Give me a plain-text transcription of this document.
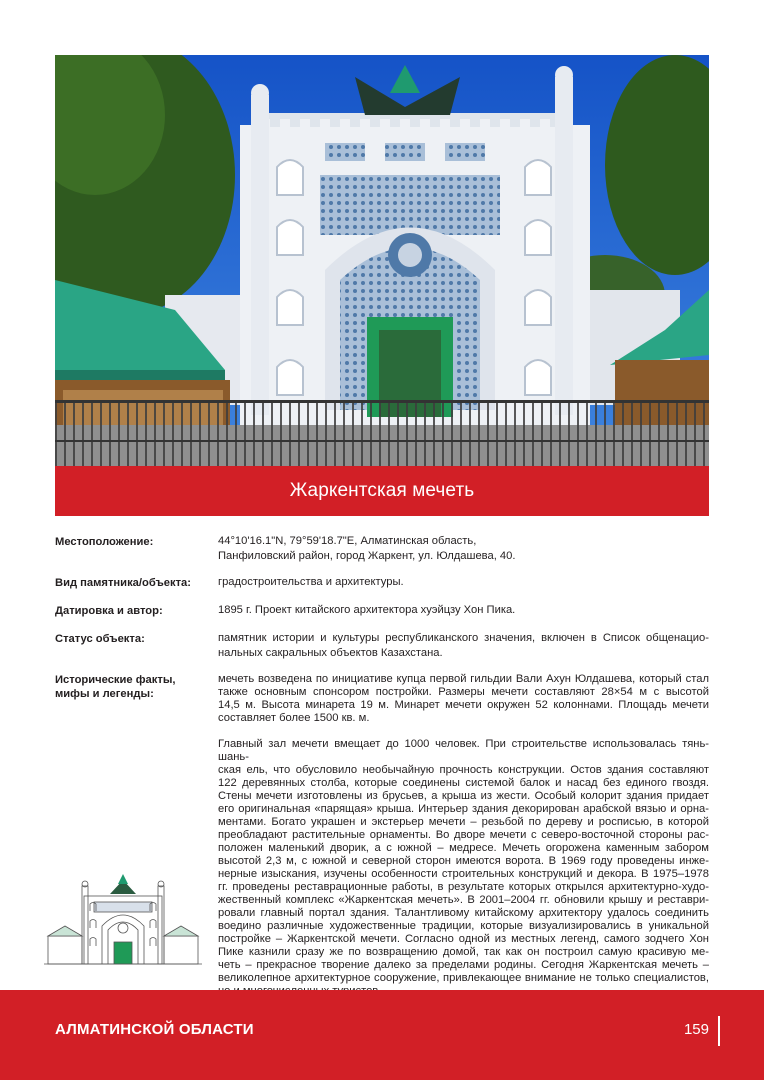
Жаркентская мечеть
Местоположение:	44°10'16.1"N, 79°59'18.7"E, Алматинская область,
Панфиловский район, город Жаркент, ул. Юлдашева, 40.
Вид памятника/объекта:	градостроительства и архитектуры.
Датировка и автор:	1895 г. Проект китайского архитектора хуэйцзу Хон Пика.
Статус объекта:	памятник истории и культуры республиканского значения, включен в Список общенацио-
нальных сакральных объектов Казахстана.
Исторические факты,
мифы и легенды:
мечеть возведена по инициативе купца первой гильдии Вали Ахун Юлдашева, который стал
также основным спонсором постройки. Размеры мечети составляют 28×54 м с высотой
14,5 м. Высота минарета 19 м. Минарет мечети окружен 52 колоннами. Площадь мечети
составляет более 1500 кв. м.
Главный зал мечети вмещает до 1000 человек. При строительстве использовалась тянь-шань-
ская ель, что обусловило необычайную прочность конструкции. Остов здания составляют
122 деревянных столба, которые соединены системой балок и насад без единого гвоздя.
Стены мечети изготовлены из брусьев, а крыша из жести. Особый колорит здания придает
его оригинальная «парящая» крыша. Интерьер здания декорирован арабской вязью и орна-
ментами. Богато украшен и экстерьер мечети – резьбой по дереву и росписью, в которой
преобладают растительные орнаменты. Во дворе мечети с северо-восточной стороны рас-
положен маленький дворик, а с южной – медресе. Мечеть огорожена каменным забором
высотой 2,3 м, с южной и северной сторон имеются ворота. В 1969 году проведены инже-
нерные изыскания, изучены особенности строительных конструкций и декора. В 1975–1978
гг. проведены реставрационные работы, в результате которых открылся архитектурно-худо-
жественный комплекс «Жаркентская мечеть». В 2001–2004 гг. обновили крышу и реставри-
ровали главный портал здания. Талантливому китайскому архитектору удалось соединить
воедино различные художественные традиции, которые визуализировались в уникальной
постройке – Жаркентской мечети. Согласно одной из местных легенд, самого зодчего Хон
Пике казнили сразу же по возвращению домой, так как он построил самую красивую ме-
четь – прекрасное творение далеко за пределами родины. Сегодня Жаркентская мечеть –
великолепное архитектурное сооружение, привлекающее внимание не только специалистов,
АЛМАТИНСКОЙ ОБЛАСТИ	159
